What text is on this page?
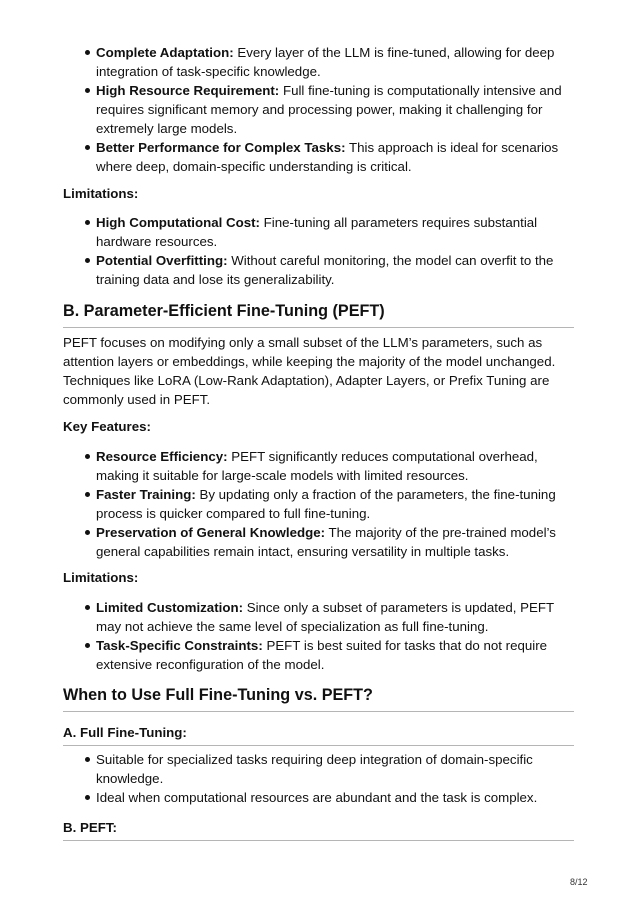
Complete Adaptation: Every layer of the LLM is fine-tuned, allowing for deep integration of task-specific knowledge.
High Resource Requirement: Full fine-tuning is computationally intensive and requires significant memory and processing power, making it challenging for extremely large models.
Better Performance for Complex Tasks: This approach is ideal for scenarios where deep, domain-specific understanding is critical.
Limitations:
High Computational Cost: Fine-tuning all parameters requires substantial hardware resources.
Potential Overfitting: Without careful monitoring, the model can overfit to the training data and lose its generalizability.
B. Parameter-Efficient Fine-Tuning (PEFT)

PEFT focuses on modifying only a small subset of the LLM’s parameters, such as attention layers or embeddings, while keeping the majority of the model unchanged. Techniques like LoRA (Low-Rank Adaptation), Adapter Layers, or Prefix Tuning are commonly used in PEFT.

Key Features:
Resource Efficiency: PEFT significantly reduces computational overhead, making it suitable for large-scale models with limited resources.
Faster Training: By updating only a fraction of the parameters, the fine-tuning process is quicker compared to full fine-tuning.
Preservation of General Knowledge: The majority of the pre-trained model’s general capabilities remain intact, ensuring versatility in multiple tasks.
Limitations:
Limited Customization: Since only a subset of parameters is updated, PEFT may not achieve the same level of specialization as full fine-tuning.
Task-Specific Constraints: PEFT is best suited for tasks that do not require extensive reconfiguration of the model.
When to Use Full Fine-Tuning vs. PEFT?
A. Full Fine-Tuning:
Suitable for specialized tasks requiring deep integration of domain-specific knowledge.
Ideal when computational resources are abundant and the task is complex.
B. PEFT:
8/12
